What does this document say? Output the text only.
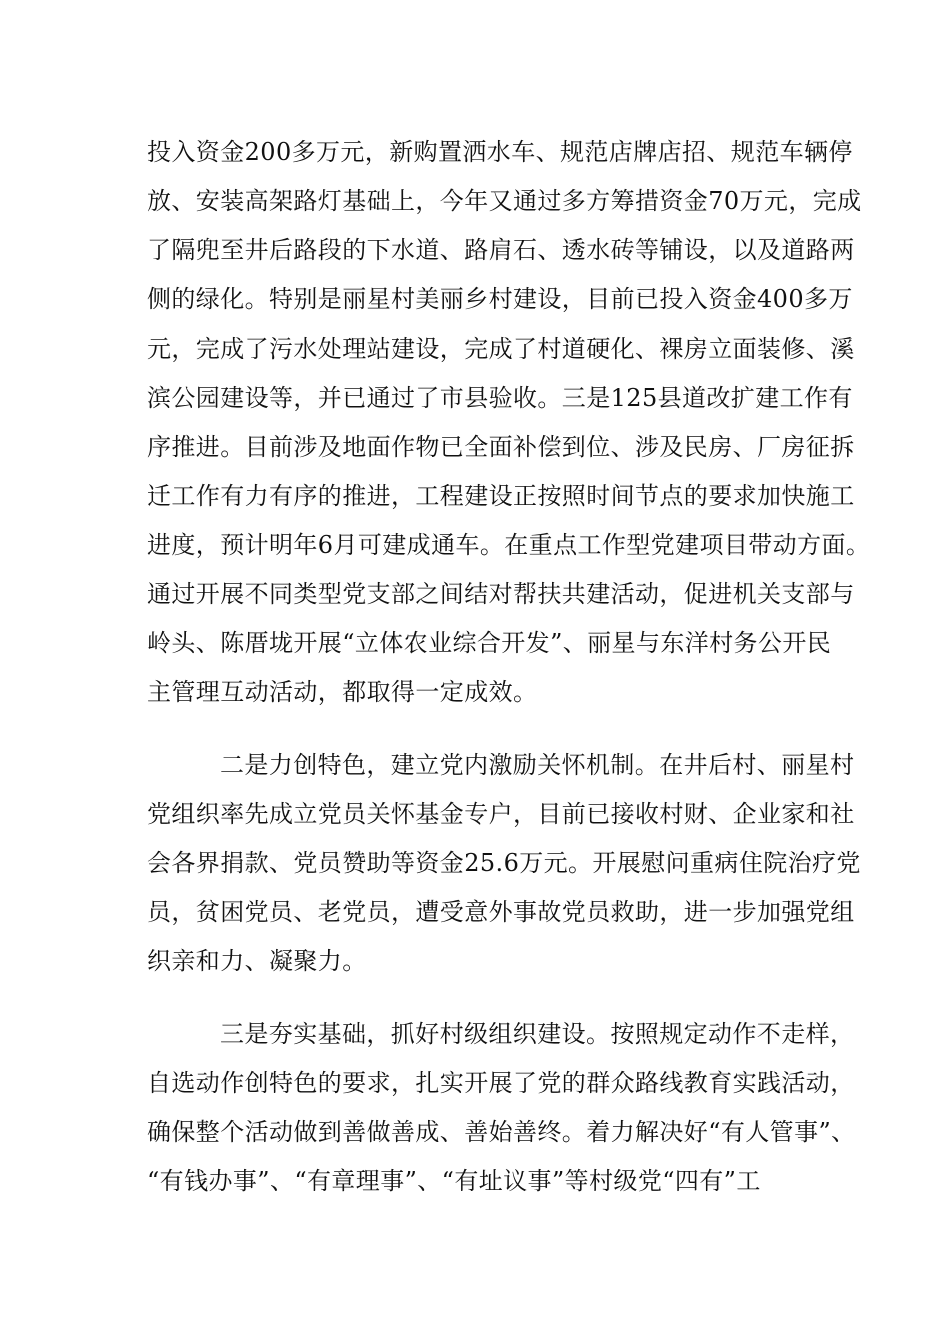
投入资金200多万元，新购置洒水车、规范店牌店招、规范车辆停
放、安装高架路灯基础上，今年又通过多方筹措资金70万元，完成
了隔兜至井后路段的下水道、路肩石、透水砖等铺设，以及道路两
侧的绿化。特别是丽星村美丽乡村建设，目前已投入资金400多万
元，完成了污水处理站建设，完成了村道硬化、裸房立面装修、溪
滨公园建设等，并已通过了市县验收。三是125县道改扩建工作有
序推进。目前涉及地面作物已全面补偿到位、涉及民房、厂房征拆
迁工作有力有序的推进，工程建设正按照时间节点的要求加快施工
进度，预计明年6月可建成通车。在重点工作型党建项目带动方面。
通过开展不同类型党支部之间结对帮扶共建活动，促进机关支部与
岭头、陈厝垅开展“立体农业综合开发”、丽星与东洋村务公开民
主管理互动活动，都取得一定成效。
二是力创特色，建立党内激励关怀机制。在井后村、丽星村
党组织率先成立党员关怀基金专户，目前已接收村财、企业家和社
会各界捐款、党员赞助等资金25.6万元。开展慰问重病住院治疗党
员，贫困党员、老党员，遭受意外事故党员救助，进一步加强党组
织亲和力、凝聚力。
三是夯实基础，抓好村级组织建设。按照规定动作不走样，
自选动作创特色的要求，扎实开展了党的群众路线教育实践活动，
确保整个活动做到善做善成、善始善终。着力解决好“有人管事”、
“有钱办事”、“有章理事”、“有址议事”等村级党“四有”工
